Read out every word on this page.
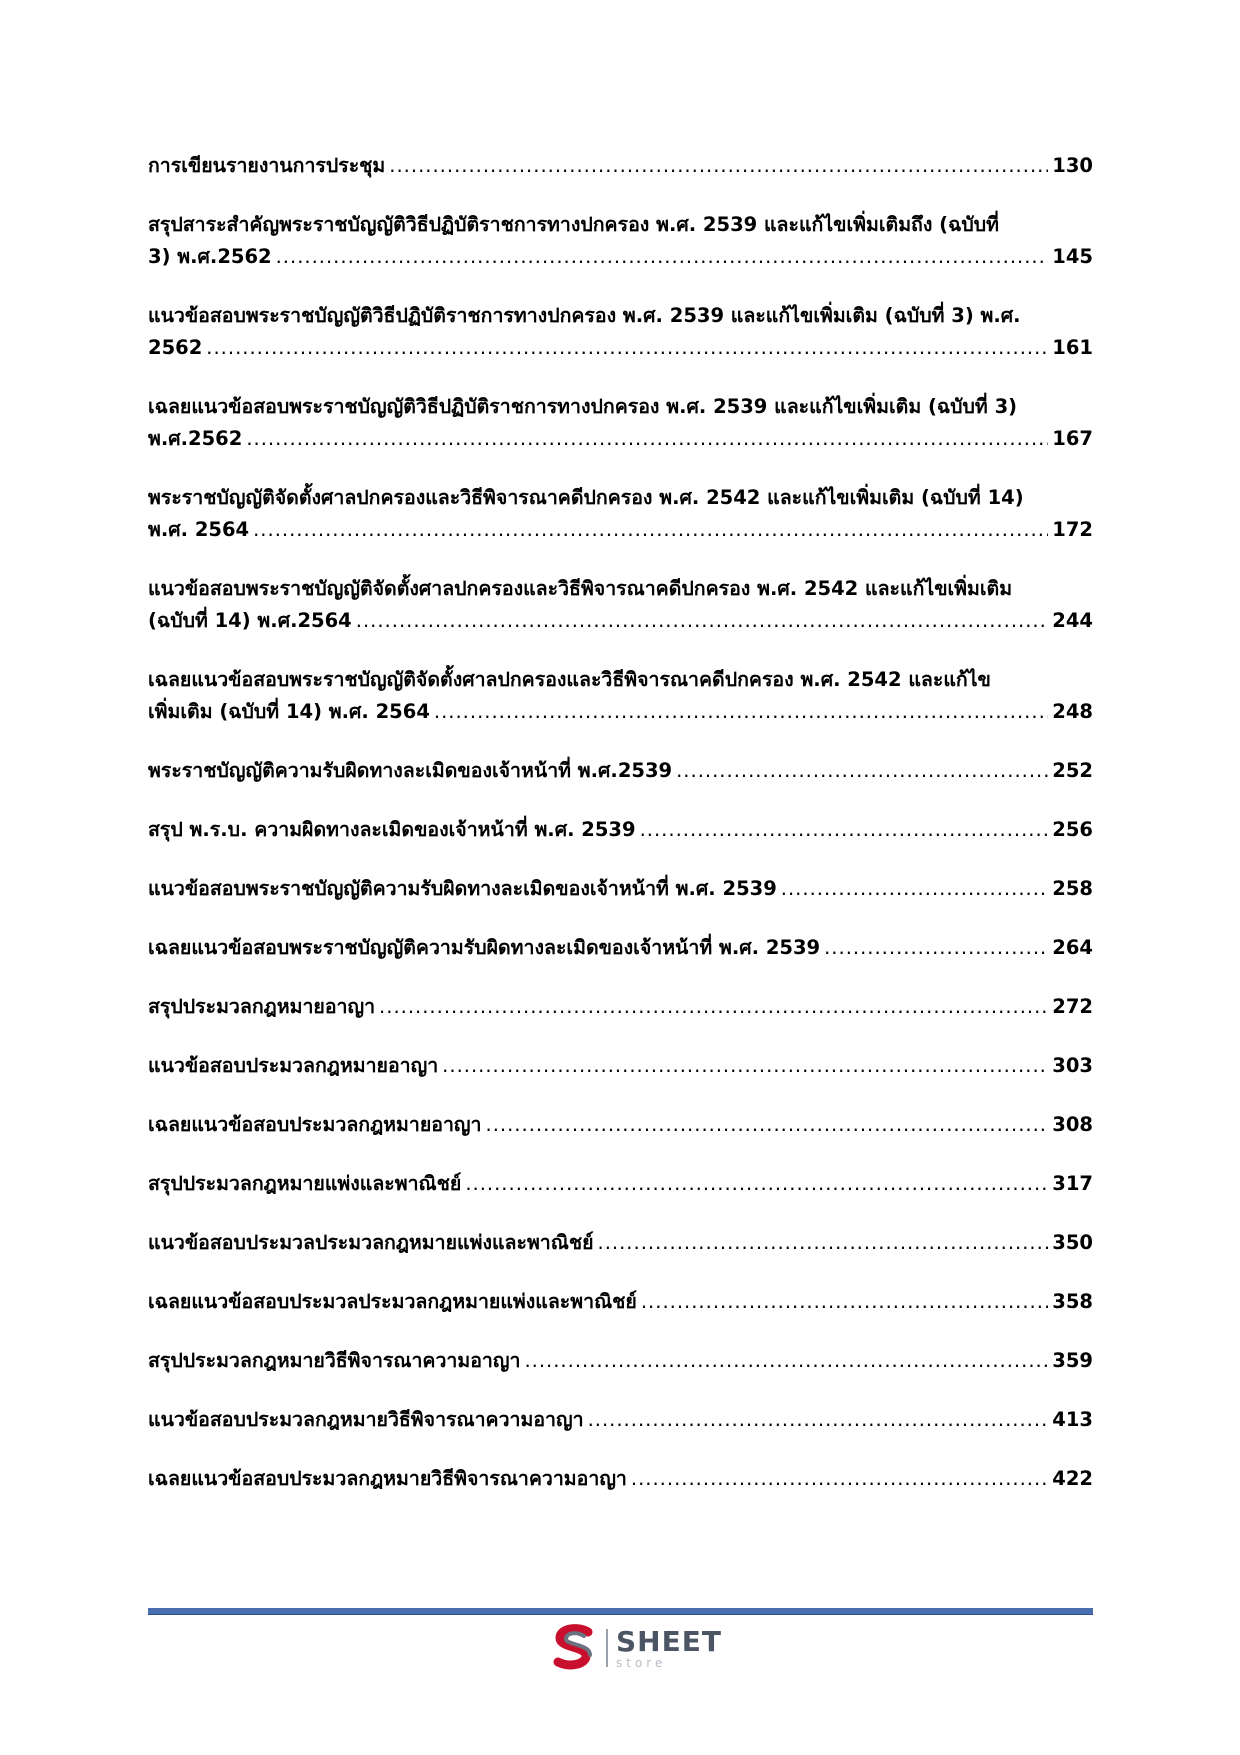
การเขียนรายงานการประชุม .....	130
สรุปสาระสำคัญพระราชบัญญัติวิธีปฏิบัติราชการทางปกครอง พ.ศ. 2539 และแก้ไขเพิ่มเติมถึง (ฉบับที่
3) พ.ศ.2562 .....	145
แนวข้อสอบพระราชบัญญัติวิธีปฏิบัติราชการทางปกครอง พ.ศ. 2539 และแก้ไขเพิ่มเติม (ฉบับที่ 3) พ.ศ.
2562 .....	161
เฉลยแนวข้อสอบพระราชบัญญัติวิธีปฏิบัติราชการทางปกครอง พ.ศ. 2539 และแก้ไขเพิ่มเติม (ฉบับที่ 3)
พ.ศ.2562 .....	167
พระราชบัญญัติจัดตั้งศาลปกครองและวิธีพิจารณาคดีปกครอง พ.ศ. 2542 และแก้ไขเพิ่มเติม (ฉบับที่ 14)
พ.ศ. 2564 .....	172
แนวข้อสอบพระราชบัญญัติจัดตั้งศาลปกครองและวิธีพิจารณาคดีปกครอง พ.ศ. 2542 และแก้ไขเพิ่มเติม
(ฉบับที่ 14) พ.ศ.2564 .....	244
เฉลยแนวข้อสอบพระราชบัญญัติจัดตั้งศาลปกครองและวิธีพิจารณาคดีปกครอง พ.ศ. 2542 และแก้ไข
เพิ่มเติม (ฉบับที่ 14) พ.ศ. 2564 .....	248
พระราชบัญญัติความรับผิดทางละเมิดของเจ้าหน้าที่ พ.ศ.2539 .....	252
สรุป พ.ร.บ. ความผิดทางละเมิดของเจ้าหน้าที่ พ.ศ. 2539 .....	256
แนวข้อสอบพระราชบัญญัติความรับผิดทางละเมิดของเจ้าหน้าที่ พ.ศ. 2539 .....	258
เฉลยแนวข้อสอบพระราชบัญญัติความรับผิดทางละเมิดของเจ้าหน้าที่ พ.ศ. 2539 .....	264
สรุปประมวลกฎหมายอาญา .....	272
แนวข้อสอบประมวลกฎหมายอาญา .....	303
เฉลยแนวข้อสอบประมวลกฎหมายอาญา .....	308
สรุปประมวลกฎหมายแพ่งและพาณิชย์ .....	317
แนวข้อสอบประมวลประมวลกฎหมายแพ่งและพาณิชย์ .....	350
เฉลยแนวข้อสอบประมวลประมวลกฎหมายแพ่งและพาณิชย์ .....	358
สรุปประมวลกฎหมายวิธีพิจารณาความอาญา .....	359
แนวข้อสอบประมวลกฎหมายวิธีพิจารณาความอาญา .....	413
เฉลยแนวข้อสอบประมวลกฎหมายวิธีพิจารณาความอาญา .....	422
SHEET
store
